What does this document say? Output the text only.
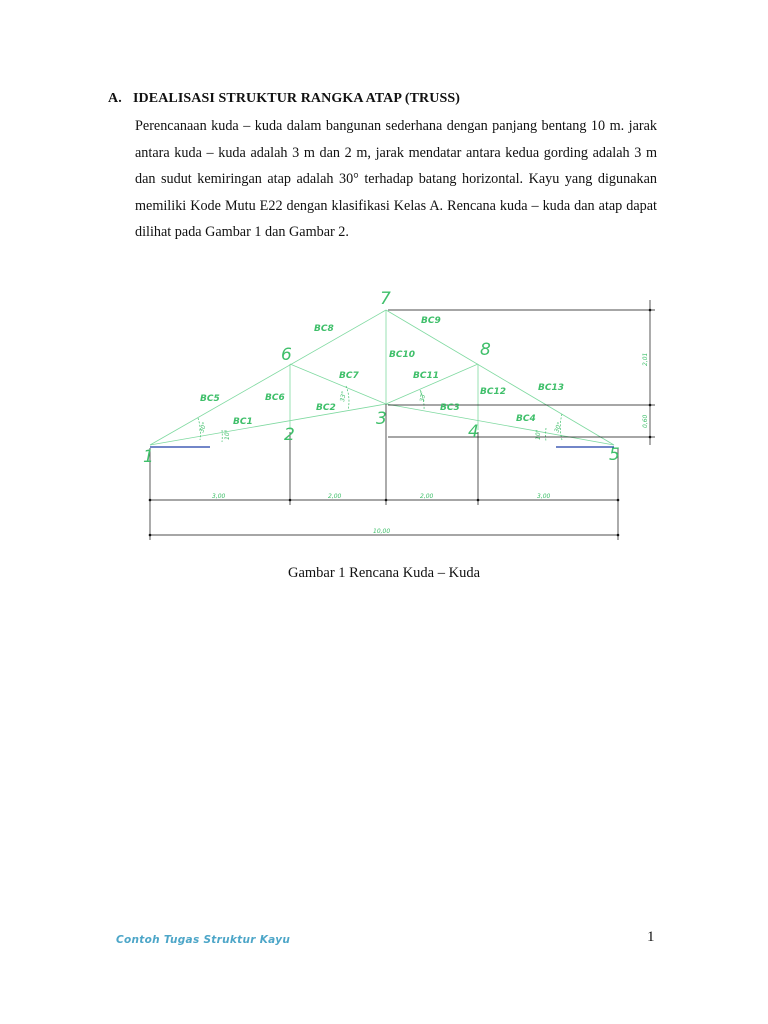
A. IDEALISASI STRUKTUR RANGKA ATAP (TRUSS)

Perencanaan kuda – kuda dalam bangunan sederhana dengan panjang bentang 10 m. jarak antara kuda – kuda adalah 3 m dan 2 m, jarak mendatar antara kedua gording adalah 3 m dan sudut kemiringan atap adalah 30° terhadap batang horizontal. Kayu yang digunakan memiliki Kode Mutu E22 dengan klasifikasi Kelas A. Rencana kuda – kuda dan atap dapat dilihat pada Gambar 1 dan Gambar 2.

7
6	8
3
2	4
1	5
BC8
BC9
BC10
BC7	BC11
BC12	BC13
BC5	BC6
BC2	BC3
BC1	BC4
30°
10°
33°	33°
30°
10°
3,00	2,00	2,00	3,00
10,00
2,01
0,60
Gambar 1 Rencana Kuda – Kuda
Contoh Tugas Struktur Kayu	1
